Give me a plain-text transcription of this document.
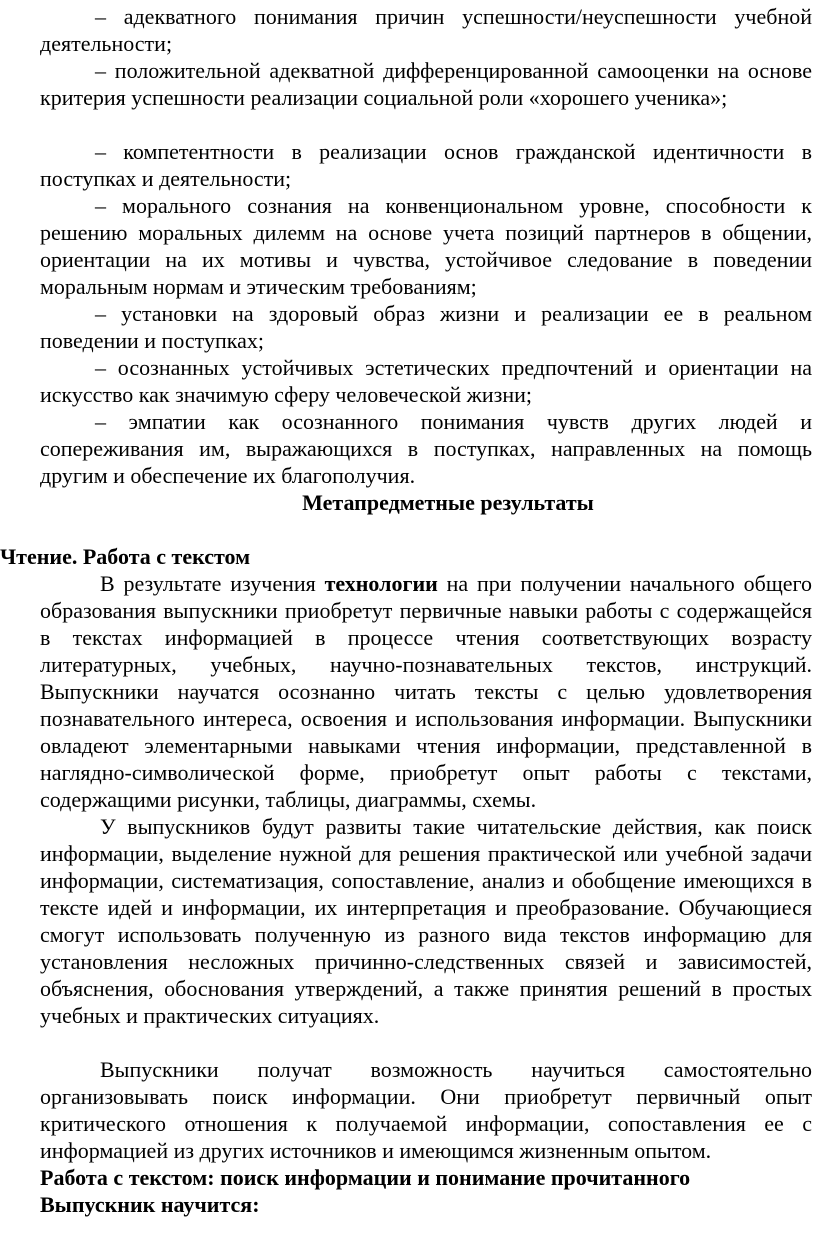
– адекватного понимания причин успешности/неуспешности учебной деятельности;

– положительной адекватной дифференцированной самооценки на основе критерия успешности реализации социальной роли «хорошего ученика»;

– компетентности в реализации основ гражданской идентичности в поступках и деятельности;

– морального сознания на конвенциональном уровне, способности к решению моральных дилемм на основе учета позиций партнеров в общении, ориентации на их мотивы и чувства, устойчивое следование в поведении моральным нормам и этическим требованиям;

– установки на здоровый образ жизни и реализации ее в реальном поведении и поступках;

– осознанных устойчивых эстетических предпочтений и ориентации на искусство как значимую сферу человеческой жизни;

– эмпатии как осознанного понимания чувств других людей и сопереживания им, выражающихся в поступках, направленных на помощь другим и обеспечение их благополучия.

Метапредметные результаты

Чтение. Работа с текстом

В результате изучения технологии на при получении начального общего образования выпускники приобретут первичные навыки работы с содержащейся в текстах информацией в процессе чтения соответствующих возрасту литературных, учебных, научно-познавательных текстов, инструкций. Выпускники научатся осознанно читать тексты с целью удовлетворения познавательного интереса, освоения и использования информации. Выпускники овладеют элементарными навыками чтения информации, представленной в наглядно-символической форме, приобретут опыт работы с текстами, содержащими рисунки, таблицы, диаграммы, схемы.

У выпускников будут развиты такие читательские действия, как поиск информации, выделение нужной для решения практической или учебной задачи информации, систематизация, сопоставление, анализ и обобщение имеющихся в тексте идей и информации, их интерпретация и преобразование. Обучающиеся смогут использовать полученную из разного вида текстов информацию для установления несложных причинно-следственных связей и зависимостей, объяснения, обоснования утверждений, а также принятия решений в простых учебных и практических ситуациях.

Выпускники получат возможность научиться самостоятельно организовывать поиск информации. Они приобретут первичный опыт критического отношения к получаемой информации, сопоставления ее с информацией из других источников и имеющимся жизненным опытом.

Работа с текстом: поиск информации и понимание прочитанного

Выпускник научится:
